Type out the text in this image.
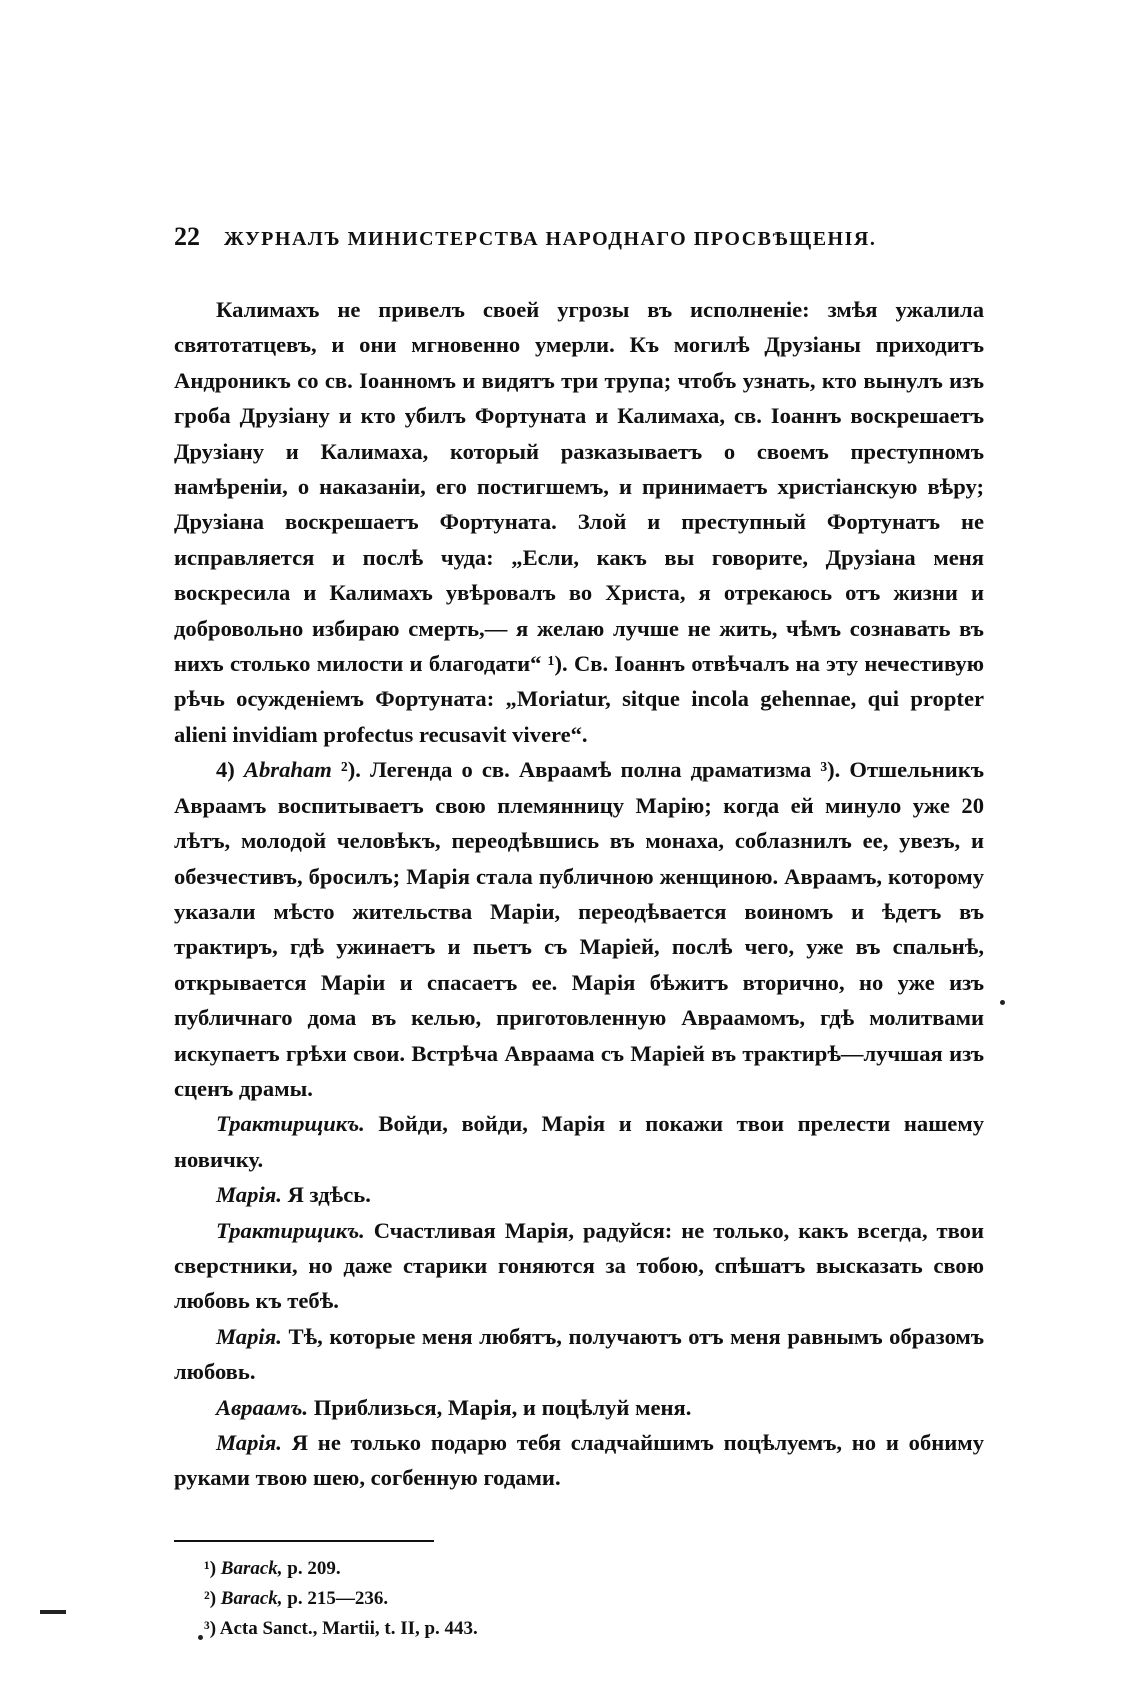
22	ЖУРНАЛЪ МИНИСТЕРСТВА НАРОДНАГО ПРОСВѢЩЕНІЯ.

Калимахъ не привелъ своей угрозы въ исполненіе: змѣя ужалила святотатцевъ, и они мгновенно умерли. Къ могилѣ Друзіаны приходитъ Андроникъ со св. Іоанномъ и видятъ три трупа; чтобъ узнать, кто вынулъ изъ гроба Друзіану и кто убилъ Фортуната и Калимаха, св. Іоаннъ воскрешаетъ Друзіану и Калимаха, который разказываетъ о своемъ преступномъ намѣреніи, о наказаніи, его постигшемъ, и принимаетъ христіанскую вѣру; Друзіана воскрешаетъ Фортуната. Злой и преступный Фортунатъ не исправляется и послѣ чуда: „Если, какъ вы говорите, Друзіана меня воскресила и Калимахъ увѣровалъ во Христа, я отрекаюсь отъ жизни и добровольно избираю смерть,— я желаю лучше не жить, чѣмъ сознавать въ нихъ столько милости и благодати“ ¹). Св. Іоаннъ отвѣчалъ на эту нечестивую рѣчь осужденіемъ Фортуната: „Moriatur, sitque incola gehennae, qui propter alieni invidiam profectus recusavit vivere“.

4) Abraham ²). Легенда о св. Авраамѣ полна драматизма ³). Отшельникъ Авраамъ воспитываетъ свою племянницу Марію; когда ей минуло уже 20 лѣтъ, молодой человѣкъ, переодѣвшись въ монаха, соблазнилъ ее, увезъ, и обезчестивъ, бросилъ; Марія стала публичною женщиною. Авраамъ, которому указали мѣсто жительства Маріи, переодѣвается воиномъ и ѣдетъ въ трактиръ, гдѣ ужинаетъ и пьетъ съ Маріей, послѣ чего, уже въ спальнѣ, открывается Маріи и спасаетъ ее. Марія бѣжитъ вторично, но уже изъ публичнаго дома въ келью, приготовленную Авраамомъ, гдѣ молитвами искупаетъ грѣхи свои. Встрѣча Авраама съ Маріей въ трактирѣ—лучшая изъ сценъ драмы.

Трактирщикъ. Войди, войди, Марія и покажи твои прелести нашему новичку.

Марія. Я здѣсь.

Трактирщикъ. Счастливая Марія, радуйся: не только, какъ всегда, твои сверстники, но даже старики гоняются за тобою, спѣшатъ высказать свою любовь къ тебѣ.

Марія. Тѣ, которые меня любятъ, получаютъ отъ меня равнымъ образомъ любовь.

Авраамъ. Приблизься, Марія, и поцѣлуй меня.

Марія. Я не только подарю тебя сладчайшимъ поцѣлуемъ, но и обниму руками твою шею, согбенную годами.

¹) Barack, p. 209.
²) Barack, p. 215—236.
³) Acta Sanct., Martii, t. II, p. 443.
